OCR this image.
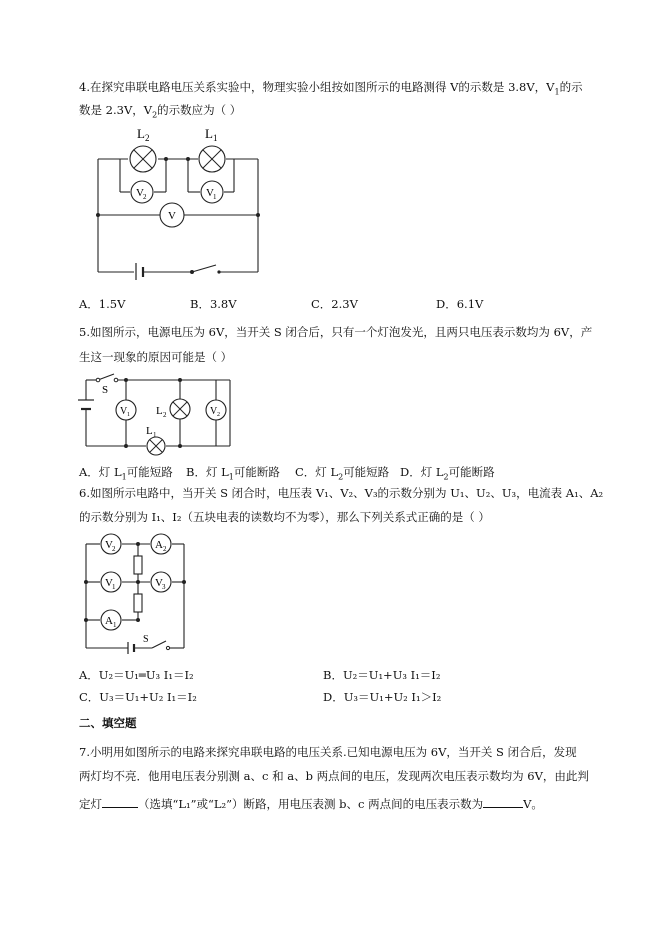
4.在探究串联电路电压关系实验中，物理实验小组按如图所示的电路测得 V的示数是 3.8V，$V_1$的示
数是 2.3V，$V_2$的示数应为（ ）
L	L
2	1
V 2	V 1
V
A．1.5V	B．3.8V	C．2.3V	D．6.1V
5.如图所示，电源电压为 6V，当开关 S 闭合后，只有一个灯泡发光，且两只电压表示数均为 6V，产
生这一现象的原因可能是（ ）
S
V 1 L 2	V 2
L 1
A．灯 $L_1$可能短路 B．灯 $L_1$可能断路 C．灯 $L_2$可能短路 D．灯 $L_2$可能断路
6.如图所示电路中，当开关 S 闭合时，电压表 V₁、V₂、V₃的示数分别为 U₁、U₂、U₃，电流表 A₁、A₂
的示数分别为 I₁、I₂（五块电表的读数均不为零），那么下列关系式正确的是（ ）
V 2	A 2
V 1	V 3
A 1
S
A．U₂＝U₁═U₃ I₁＝I₂	B．U₂＝U₁+U₃ I₁＝I₂
C．U₃＝U₁+U₂ I₁＝I₂	D．U₃＝U₁+U₂ I₁＞I₂
二、填空题
7.小明用如图所示的电路来探究串联电路的电压关系.已知电源电压为 6V，当开关 S 闭合后，发现
两灯均不亮．他用电压表分别测 a、c 和 a、b 两点间的电压，发现两次电压表示数均为 6V，由此判
定灯	（选填“L₁”或“L₂”）断路，用电压表测 b、c 两点间的电压表示数为	V。
